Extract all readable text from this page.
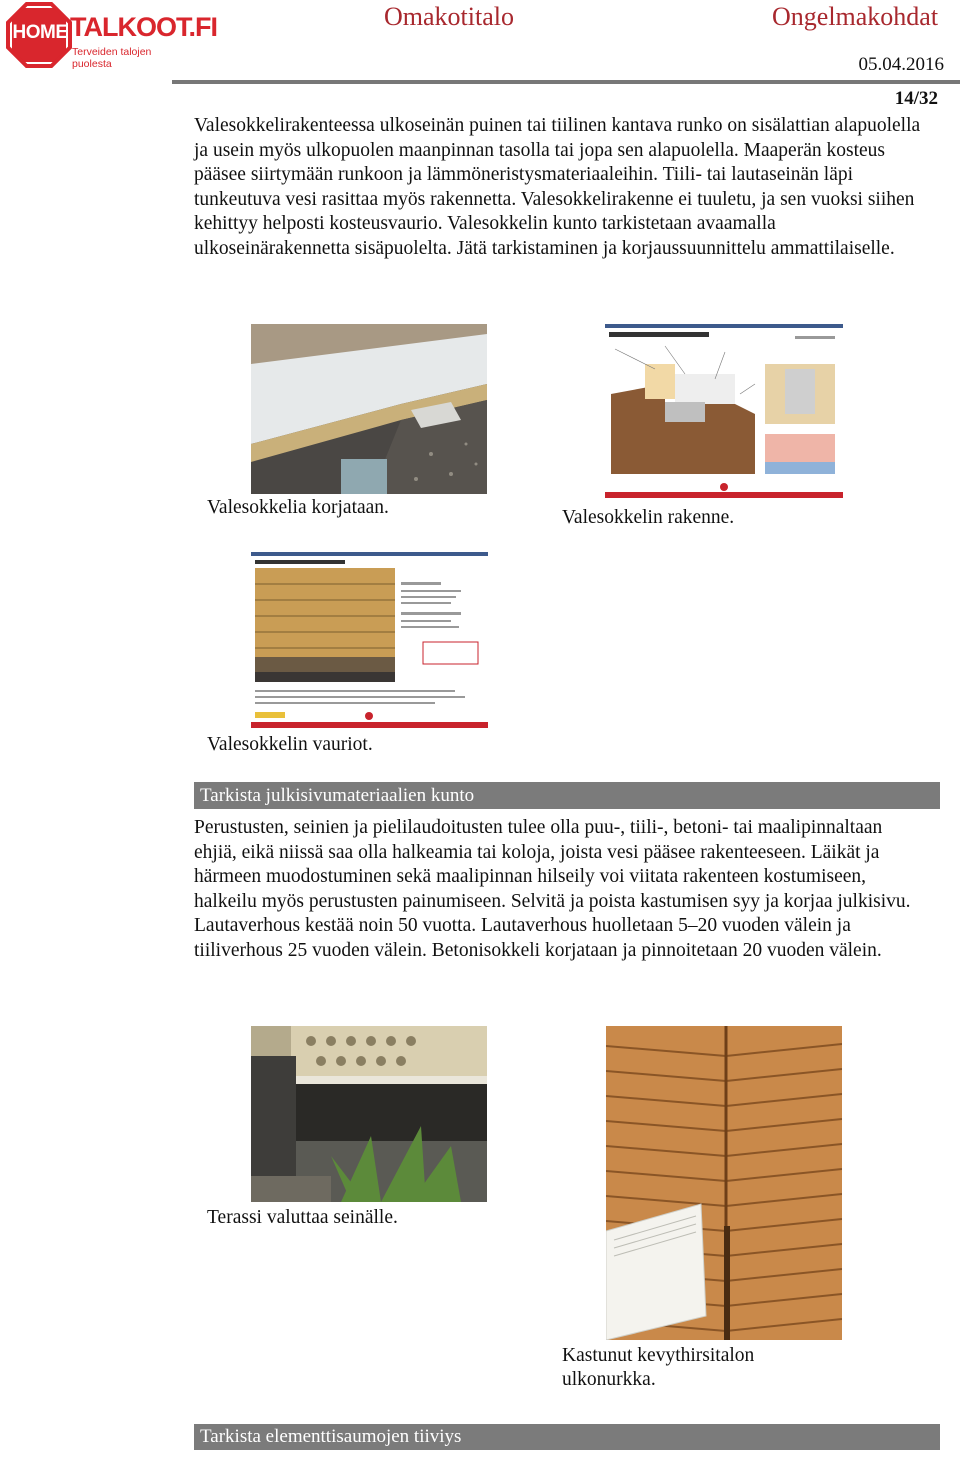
HOME TALKOOT.FI
Terveiden talojen puolesta
Omakotitalo	Ongelmakohdat
05.04.2016
14/32

Valesokkelirakenteessa ulkoseinän puinen tai tiilinen kantava runko on sisälattian alapuolella ja usein myös ulkopuolen maanpinnan tasolla tai jopa sen alapuolella. Maaperän kosteus pääsee siirtymään runkoon ja lämmöneristysmateriaaleihin. Tiili- tai lautaseinän läpi tunkeutuva vesi rasittaa myös rakennetta. Valesokkelirakenne ei tuuletu, ja sen vuoksi siihen kehittyy helposti kosteusvaurio. Valesokkelin kunto tarkistetaan avaamalla ulkoseinärakennetta sisäpuolelta. Jätä tarkistaminen ja korjaussuunnittelu ammattilaiselle.

Valesokkelia korjataan.	Valesokkelin rakenne.
Valesokkelin vauriot.
Tarkista julkisivumateriaalien kunto

Perustusten, seinien ja pielilaudoitusten tulee olla puu-, tiili-, betoni- tai maalipinnaltaan ehjiä, eikä niissä saa olla halkeamia tai koloja, joista vesi pääsee rakenteeseen. Läikät ja härmeen muodostuminen sekä maalipinnan hilseily voi viitata rakenteen kostumiseen, halkeilu myös perustusten painumiseen. Selvitä ja poista kastumisen syy ja korjaa julkisivu. Lautaverhous kestää noin 50 vuotta. Lautaverhous huolletaan 5–20 vuoden välein ja tiiliverhous 25 vuoden välein. Betonisokkeli korjataan ja pinnoitetaan 20 vuoden välein.

Terassi valuttaa seinälle.
Kastunut kevythirsitalon
ulkonurkka.
Tarkista elementtisaumojen tiiviys
